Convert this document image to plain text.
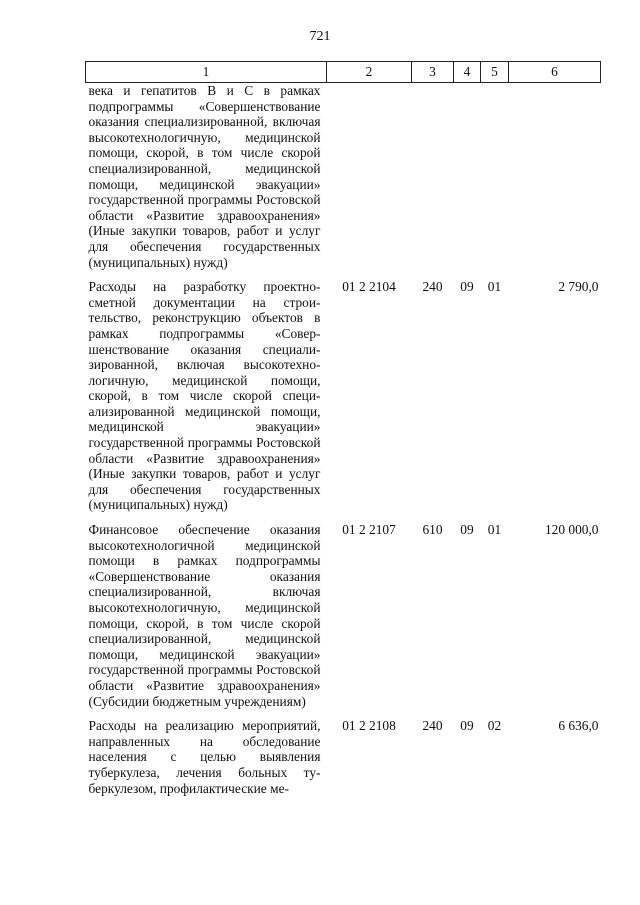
721
1	2	3	4	5	6
века и гепатитов В и С в рамках подпрограммы «Совершенствование оказания специализированной, включая высокотехнологичную, медицинской помощи, скорой, в том числе скорой специализированной, медицинской помощи, медицинской эвакуации» государственной программы Ростовской области «Развитие здравоохранения» (Иные закупки товаров, работ и услуг для обеспечения государственных (муниципальных) нужд)					
Расходы на разработку проектно-сметной документации на строительство, реконструкцию объектов в рамках подпрограммы «Совершенствование оказания специализированной, включая высокотехнологичную, медицинской помощи, скорой, в том числе скорой специализированной медицинской помощи, медицинской эвакуации» государственной программы Ростовской области «Развитие здравоохранения» (Иные закупки товаров, работ и услуг для обеспечения государственных (муниципальных) нужд)	01 2 2104	240	09	01	2 790,0
Финансовое обеспечение оказания высокотехнологичной медицинской помощи в рамках подпрограммы «Совершенствование оказания специализированной, включая высокотехнологичную, медицинской помощи, скорой, в том числе скорой специализированной, медицинской помощи, медицинской эвакуации» государственной программы Ростовской области «Развитие здравоохранения» (Субсидии бюджетным учреждениям)	01 2 2107	610	09	01	120 000,0
Расходы на реализацию мероприятий, направленных на обследование населения с целью выявления туберкулеза, лечения больных туберкулезом, профилактические ме-	01 2 2108	240	09	02	6 636,0
